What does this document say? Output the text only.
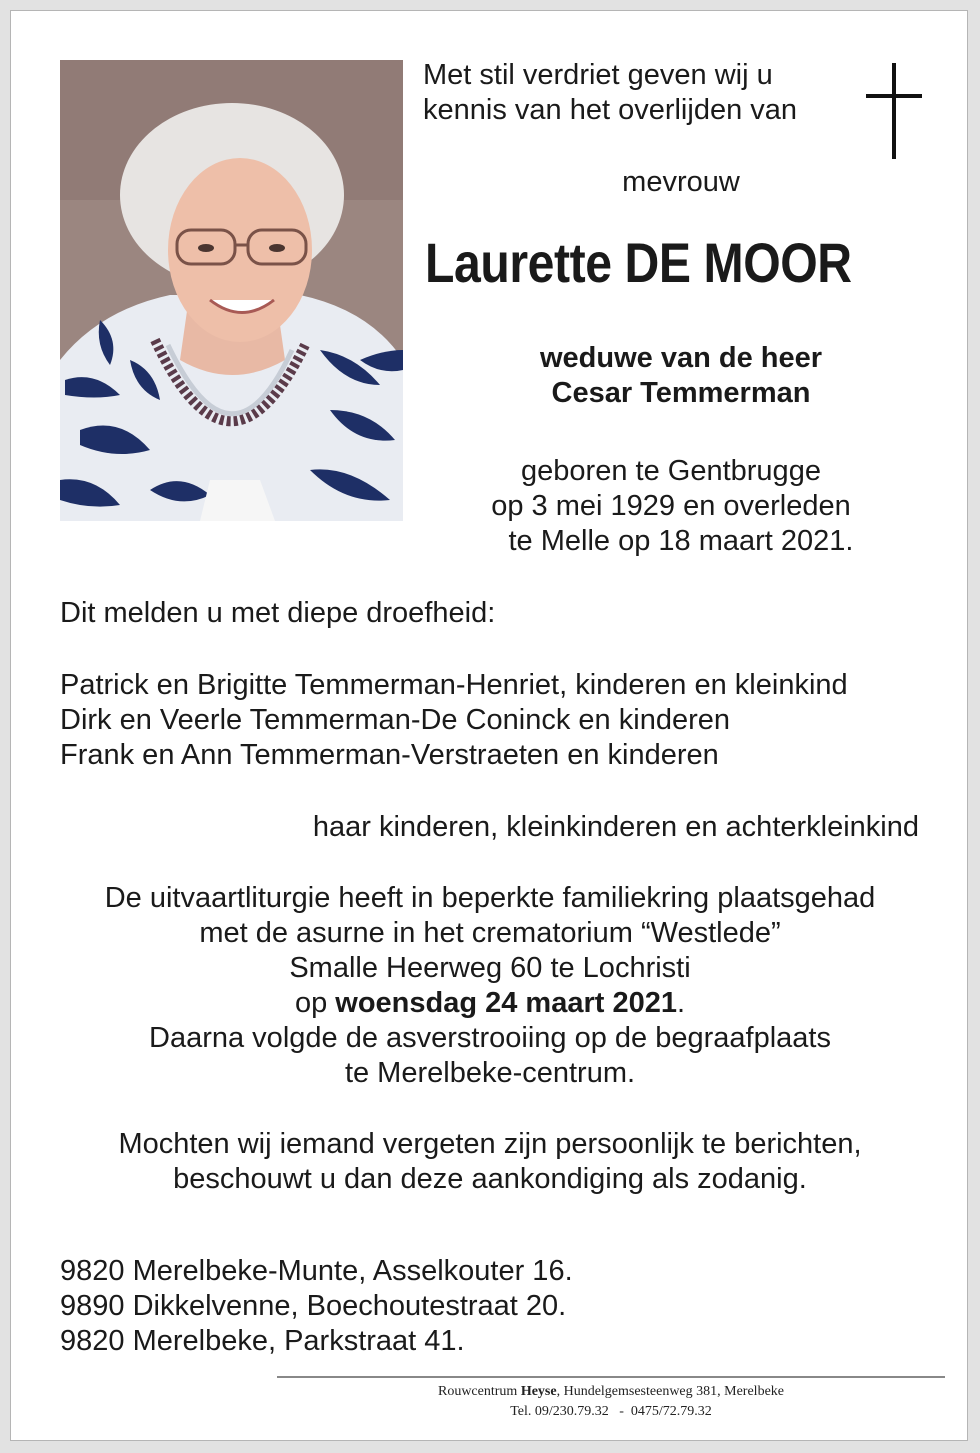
Met stil verdriet geven wij u
kennis van het overlijden van
mevrouw
Laurette DE MOOR
weduwe van de heer
Cesar Temmerman
geboren te Gentbrugge
op 3 mei 1929 en overleden
te Melle op 18 maart 2021.
Dit melden u met diepe droefheid:
Patrick en Brigitte Temmerman-Henriet, kinderen en kleinkind
Dirk en Veerle Temmerman-De Coninck en kinderen
Frank en Ann Temmerman-Verstraeten en kinderen
haar kinderen, kleinkinderen en achterkleinkind
De uitvaartliturgie heeft in beperkte familiekring plaatsgehad
met de asurne in het crematorium “Westlede”
Smalle Heerweg 60 te Lochristi
op woensdag 24 maart 2021.
Daarna volgde de asverstrooiing op de begraafplaats
te Merelbeke-centrum.
Mochten wij iemand vergeten zijn persoonlijk te berichten,
beschouwt u dan deze aankondiging als zodanig.
9820 Merelbeke-Munte, Asselkouter 16.
9890 Dikkelvenne, Boechoutestraat 20.
9820 Merelbeke, Parkstraat 41.
Rouwcentrum Heyse, Hundelgemsesteenweg 381, Merelbeke
Tel. 09/230.79.32   -  0475/72.79.32
